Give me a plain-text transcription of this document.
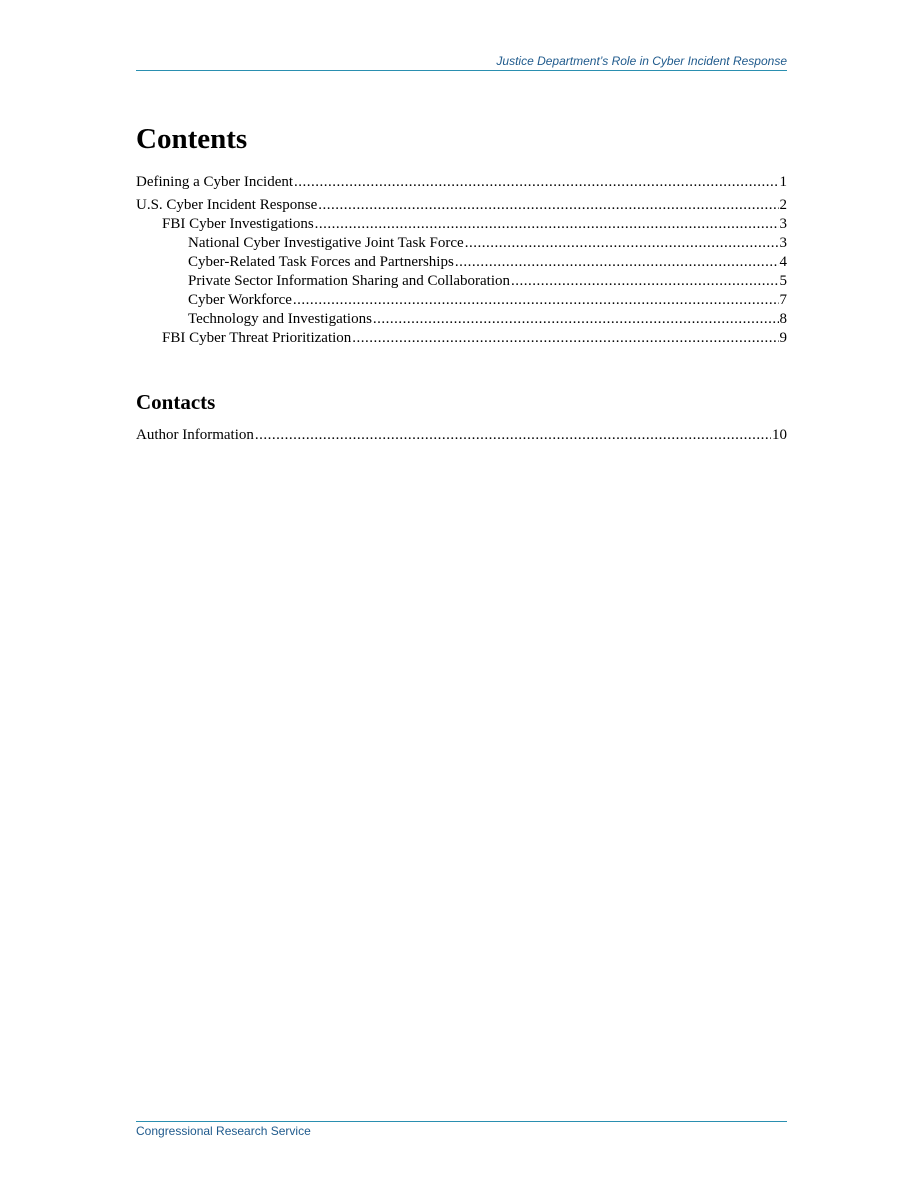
Justice Department’s Role in Cyber Incident Response
Contents
Defining a Cyber Incident .....	1
U.S. Cyber Incident Response .....	2
FBI Cyber Investigations .....	3
National Cyber Investigative Joint Task Force .....	3
Cyber-Related Task Forces and Partnerships .....	4
Private Sector Information Sharing and Collaboration .....	5
Cyber Workforce .....	7
Technology and Investigations .....	8
FBI Cyber Threat Prioritization .....	9
Contacts
Author Information .....	10
Congressional Research Service
